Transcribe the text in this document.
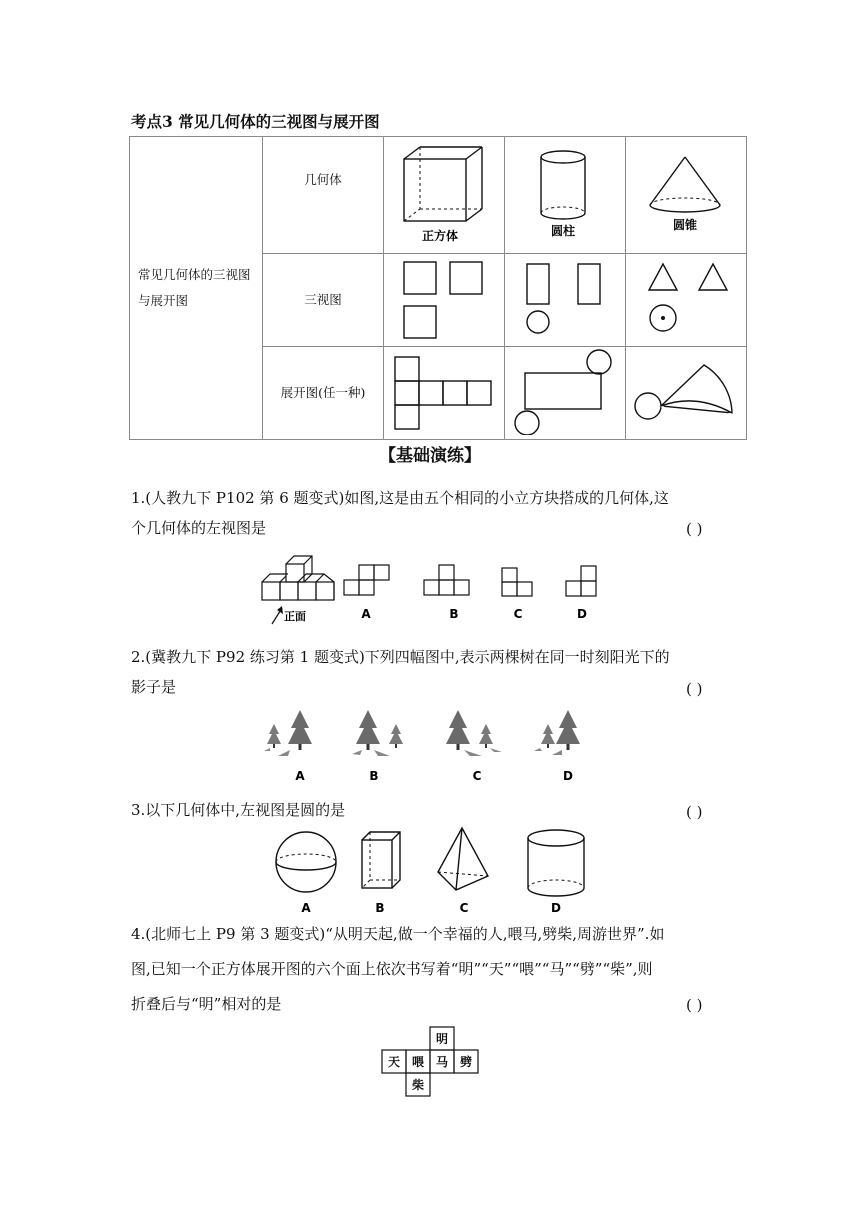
考点3 常见几何体的三视图与展开图
常见几何体的三视图与展开图	几何体	正方体	圆柱	圆锥

	三视图

	展开图(任一种)

【基础演练】
1.(人教九下 P102 第 6 题变式)如图,这是由五个相同的小立方块搭成的几何体,这
个几何体的左视图是	( )
正面	A	B	C	D
2.(冀教九下 P92 练习第 1 题变式)下列四幅图中,表示两棵树在同一时刻阳光下的
影子是	( )
A	B	C	D
3.以下几何体中,左视图是圆的是	( )
A	B	C	D
4.(北师七上 P9 第 3 题变式)“从明天起,做一个幸福的人,喂马,劈柴,周游世界”.如
图,已知一个正方体展开图的六个面上依次书写着“明”“天”“喂”“马”“劈”“柴”,则
折叠后与“明”相对的是	( )
明
天 喂 马 劈
柴
